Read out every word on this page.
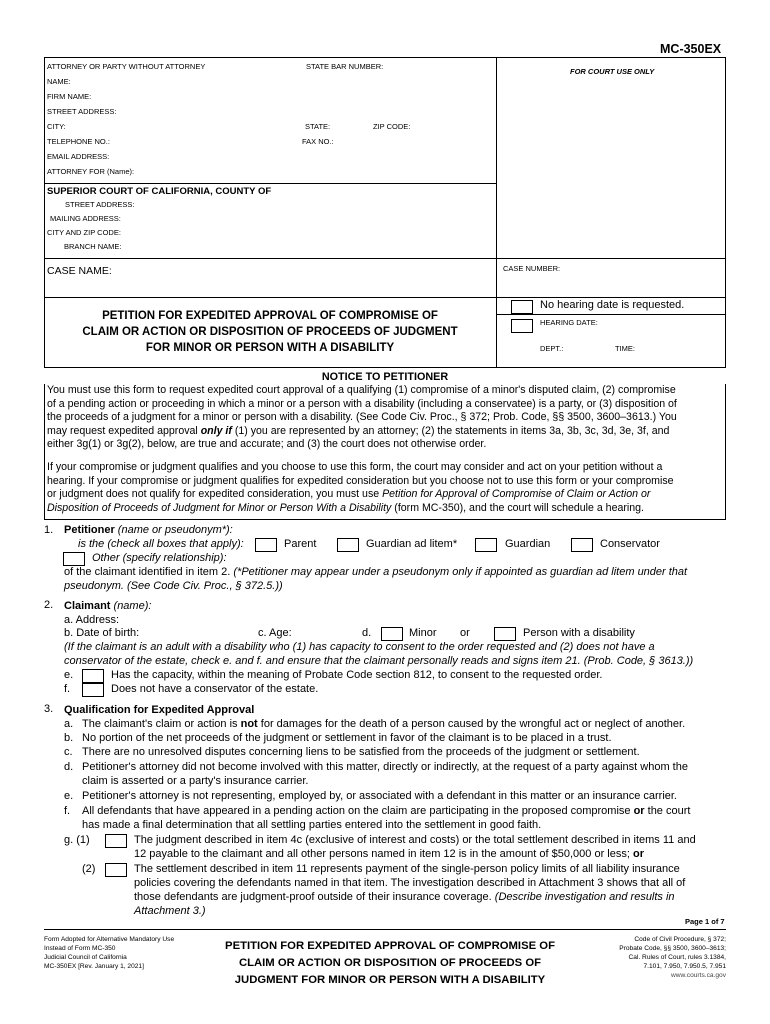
MC-350EX
ATTORNEY OR PARTY WITHOUT ATTORNEY	STATE BAR NUMBER:
FOR COURT USE ONLY
NAME:
FIRM NAME:
STREET ADDRESS:
CITY:	STATE:	ZIP CODE:
TELEPHONE NO.:	FAX NO.:
EMAIL ADDRESS:
ATTORNEY FOR (Name):
SUPERIOR COURT OF CALIFORNIA, COUNTY OF
STREET ADDRESS:
MAILING ADDRESS:
CITY AND ZIP CODE:
BRANCH NAME:
CASE NAME:	CASE NUMBER:
PETITION FOR EXPEDITED APPROVAL OF COMPROMISE OF
CLAIM OR ACTION OR DISPOSITION OF PROCEEDS OF JUDGMENT
FOR MINOR OR PERSON WITH A DISABILITY
No hearing date is requested.
HEARING DATE:
DEPT.:	TIME:
NOTICE TO PETITIONER
You must use this form to request expedited court approval of a qualifying (1) compromise of a minor's disputed claim, (2) compromise
of a pending action or proceeding in which a minor or a person with a disability (including a conservatee) is a party, or (3) disposition of
the proceeds of a judgment for a minor or person with a disability. (See Code Civ. Proc., § 372; Prob. Code, §§ 3500, 3600–3613.) You
may request expedited approval only if (1) you are represented by an attorney; (2) the statements in items 3a, 3b, 3c, 3d, 3e, 3f, and
either 3g(1) or 3g(2), below, are true and accurate; and (3) the court does not otherwise order.
If your compromise or judgment qualifies and you choose to use this form, the court may consider and act on your petition without a
hearing. If your compromise or judgment qualifies for expedited consideration but you choose not to use this form or your compromise
or judgment does not qualify for expedited consideration, you must use Petition for Approval of Compromise of Claim or Action or
Disposition of Proceeds of Judgment for Minor or Person With a Disability (form MC-350), and the court will schedule a hearing.
1. Petitioner (name or pseudonym*):
is the (check all boxes that apply):	Parent	Guardian ad litem*	Guardian	Conservator
Other (specify relationship):
of the claimant identified in item 2. (*Petitioner may appear under a pseudonym only if appointed as guardian ad litem under that
pseudonym. (See Code Civ. Proc., § 372.5.))
2. Claimant (name):
a. Address:
b. Date of birth:	c. Age:	d.	Minor or	Person with a disability
(If the claimant is an adult with a disability who (1) has capacity to consent to the order requested and (2) does not have a
conservator of the estate, check e. and f. and ensure that the claimant personally reads and signs item 21. (Prob. Code, § 3613.))
e.	Has the capacity, within the meaning of Probate Code section 812, to consent to the requested order.
f.	Does not have a conservator of the estate.
3. Qualification for Expedited Approval
a. The claimant's claim or action is not for damages for the death of a person caused by the wrongful act or neglect of another.
b. No portion of the net proceeds of the judgment or settlement in favor of the claimant is to be placed in a trust.
c. There are no unresolved disputes concerning liens to be satisfied from the proceeds of the judgment or settlement.
d. Petitioner's attorney did not become involved with this matter, directly or indirectly, at the request of a party against whom the
claim is asserted or a party's insurance carrier.
e. Petitioner's attorney is not representing, employed by, or associated with a defendant in this matter or an insurance carrier.
f. All defendants that have appeared in a pending action on the claim are participating in the proposed compromise or the court
has made a final determination that all settling parties entered into the settlement in good faith.
g. (1)	The judgment described in item 4c (exclusive of interest and costs) or the total settlement described in items 11 and
12 payable to the claimant and all other persons named in item 12 is in the amount of $50,000 or less; or
(2)	The settlement described in item 11 represents payment of the single-person policy limits of all liability insurance
policies covering the defendants named in that item. The investigation described in Attachment 3 shows that all of
those defendants are judgment-proof outside of their insurance coverage. (Describe investigation and results in
Attachment 3.)
Page 1 of 7
Form Adopted for Alternative Mandatory Use
Instead of Form MC-350
Judicial Council of California
MC-350EX [Rev. January 1, 2021]
PETITION FOR EXPEDITED APPROVAL OF COMPROMISE OF
CLAIM OR ACTION OR DISPOSITION OF PROCEEDS OF
JUDGMENT FOR MINOR OR PERSON WITH A DISABILITY
Code of Civil Procedure, § 372;
Probate Code, §§ 3500, 3600–3613;
Cal. Rules of Court, rules 3.1384,
7.101, 7.950, 7.950.5, 7.951
www.courts.ca.gov
